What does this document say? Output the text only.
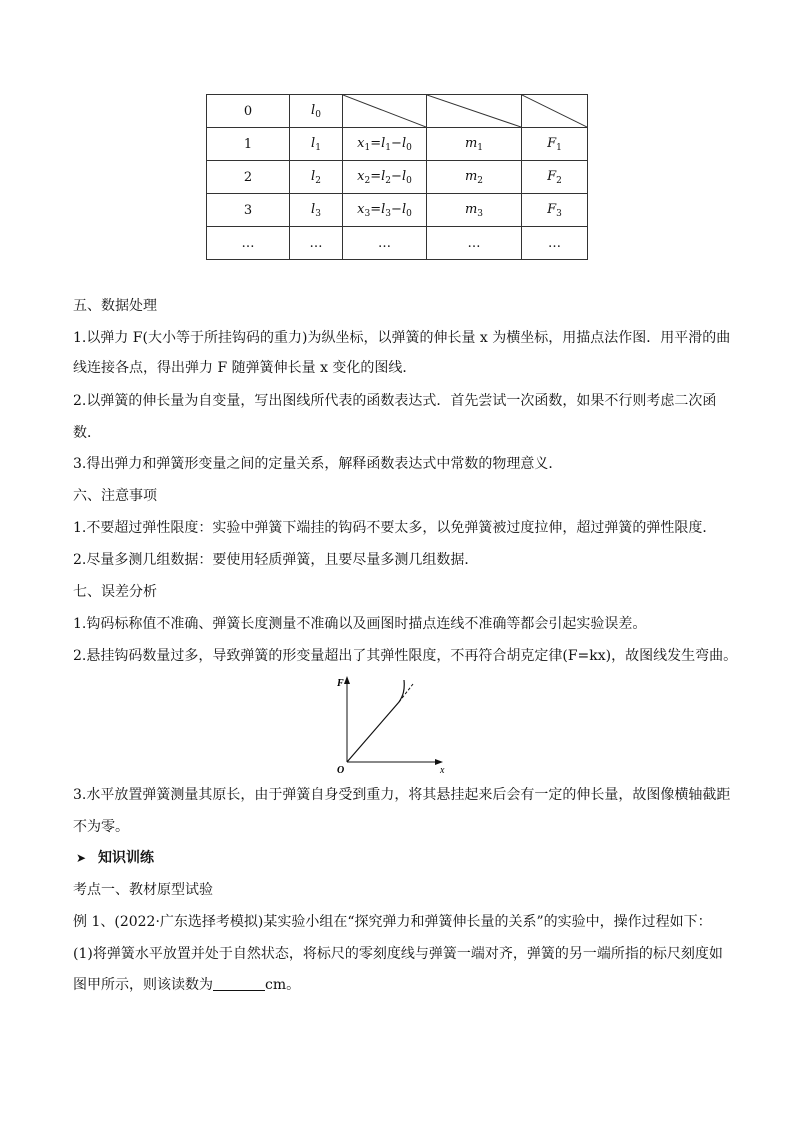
0	$l_0$	

1	$l_1$	$x_1=l_1-l_0$	$m_1$	$F_1$
2	$l_2$	$x_2=l_2-l_0$	$m_2$	$F_2$
3	$l_3$	$x_3=l_3-l_0$	$m_3$	$F_3$
…	…	…	…	…
五、数据处理
1.以弹力 F(大小等于所挂钩码的重力)为纵坐标，以弹簧的伸长量 x 为横坐标，用描点法作图．用平滑的曲
线连接各点，得出弹力 F 随弹簧伸长量 x 变化的图线．
2.以弹簧的伸长量为自变量，写出图线所代表的函数表达式．首先尝试一次函数，如果不行则考虑二次函
数．
3.得出弹力和弹簧形变量之间的定量关系，解释函数表达式中常数的物理意义．
六、注意事项
1.不要超过弹性限度：实验中弹簧下端挂的钩码不要太多，以免弹簧被过度拉伸，超过弹簧的弹性限度．
2.尽量多测几组数据：要使用轻质弹簧，且要尽量多测几组数据．
七、误差分析
1.钩码标称值不准确、弹簧长度测量不准确以及画图时描点连线不准确等都会引起实验误差。
2.悬挂钩码数量过多，导致弹簧的形变量超出了其弹性限度，不再符合胡克定律(F=kx)，故图线发生弯曲。
F
x
O
3.水平放置弹簧测量其原长，由于弹簧自身受到重力，将其悬挂起来后会有一定的伸长量，故图像横轴截距
不为零。
➤ 知识训练
考点一、教材原型试验
例 1、(2022·广东选择考模拟)某实验小组在“探究弹力和弹簧伸长量的关系”的实验中，操作过程如下：
(1)将弹簧水平放置并处于自然状态，将标尺的零刻度线与弹簧一端对齐，弹簧的另一端所指的标尺刻度如
图甲所示，则该读数为	cm。
